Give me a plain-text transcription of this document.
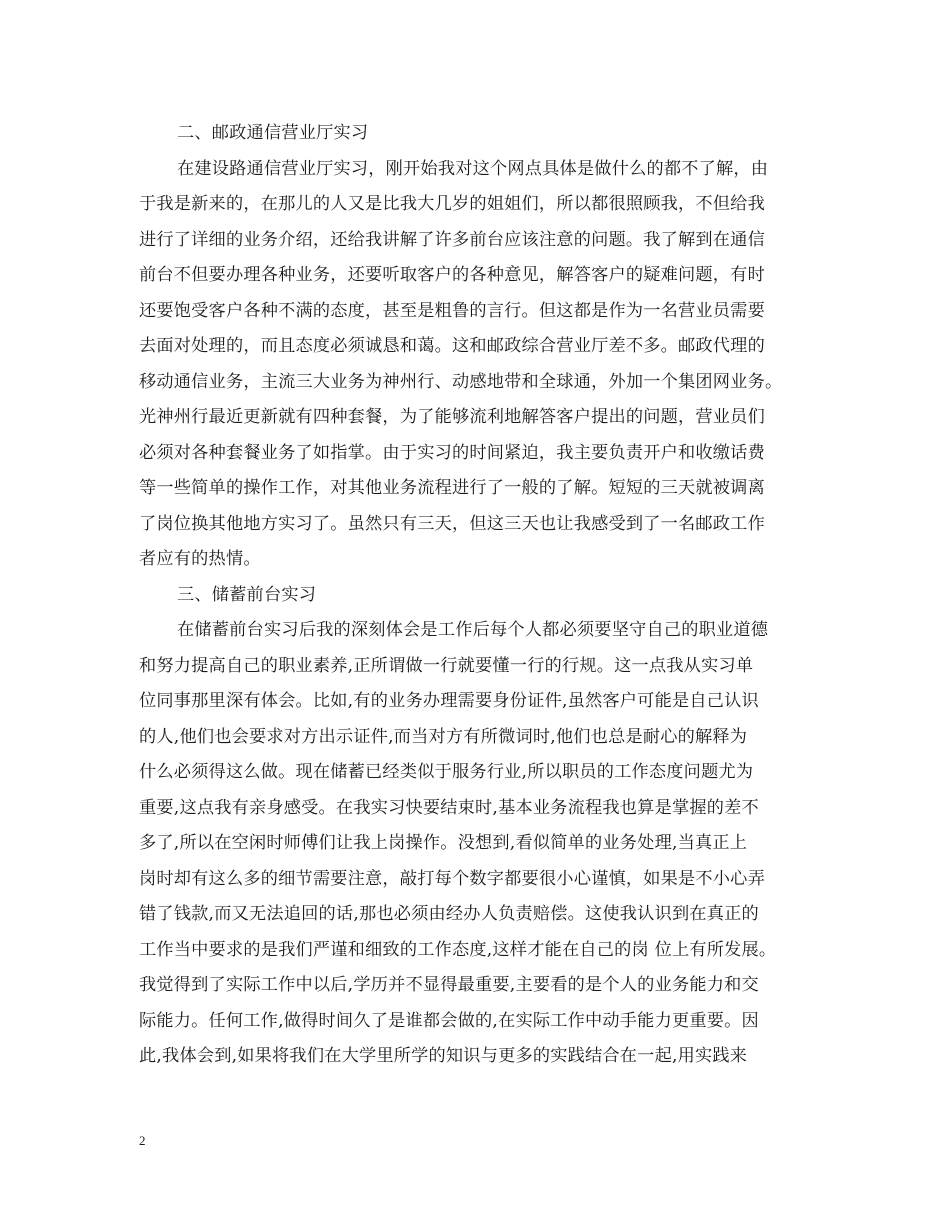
二、邮政通信营业厅实习
在建设路通信营业厅实习，刚开始我对这个网点具体是做什么的都不了解，由
于我是新来的，在那儿的人又是比我大几岁的姐姐们，所以都很照顾我，不但给我
进行了详细的业务介绍，还给我讲解了许多前台应该注意的问题。我了解到在通信
前台不但要办理各种业务，还要听取客户的各种意见，解答客户的疑难问题，有时
还要饱受客户各种不满的态度，甚至是粗鲁的言行。但这都是作为一名营业员需要
去面对处理的，而且态度必须诚恳和蔼。这和邮政综合营业厅差不多。邮政代理的
移动通信业务，主流三大业务为神州行、动感地带和全球通，外加一个集团网业务。
光神州行最近更新就有四种套餐，为了能够流利地解答客户提出的问题，营业员们
必须对各种套餐业务了如指掌。由于实习的时间紧迫，我主要负责开户和收缴话费
等一些简单的操作工作，对其他业务流程进行了一般的了解。短短的三天就被调离
了岗位换其他地方实习了。虽然只有三天，但这三天也让我感受到了一名邮政工作
者应有的热情。
三、储蓄前台实习
在储蓄前台实习后我的深刻体会是工作后每个人都必须要坚守自己的职业道德
和努力提高自己的职业素养,正所谓做一行就要懂一行的行规。这一点我从实习单
位同事那里深有体会。比如,有的业务办理需要身份证件,虽然客户可能是自己认识
的人,他们也会要求对方出示证件,而当对方有所微词时,他们也总是耐心的解释为
什么必须得这么做。现在储蓄已经类似于服务行业,所以职员的工作态度问题尤为
重要,这点我有亲身感受。在我实习快要结束时,基本业务流程我也算是掌握的差不
多了,所以在空闲时师傅们让我上岗操作。没想到,看似简单的业务处理,当真正上
岗时却有这么多的细节需要注意，敲打每个数字都要很小心谨慎，如果是不小心弄
错了钱款,而又无法追回的话,那也必须由经办人负责赔偿。这使我认识到在真正的
工作当中要求的是我们严谨和细致的工作态度,这样才能在自己的岗 位上有所发展。
我觉得到了实际工作中以后,学历并不显得最重要,主要看的是个人的业务能力和交
际能力。任何工作,做得时间久了是谁都会做的,在实际工作中动手能力更重要。因
此,我体会到,如果将我们在大学里所学的知识与更多的实践结合在一起,用实践来
2
